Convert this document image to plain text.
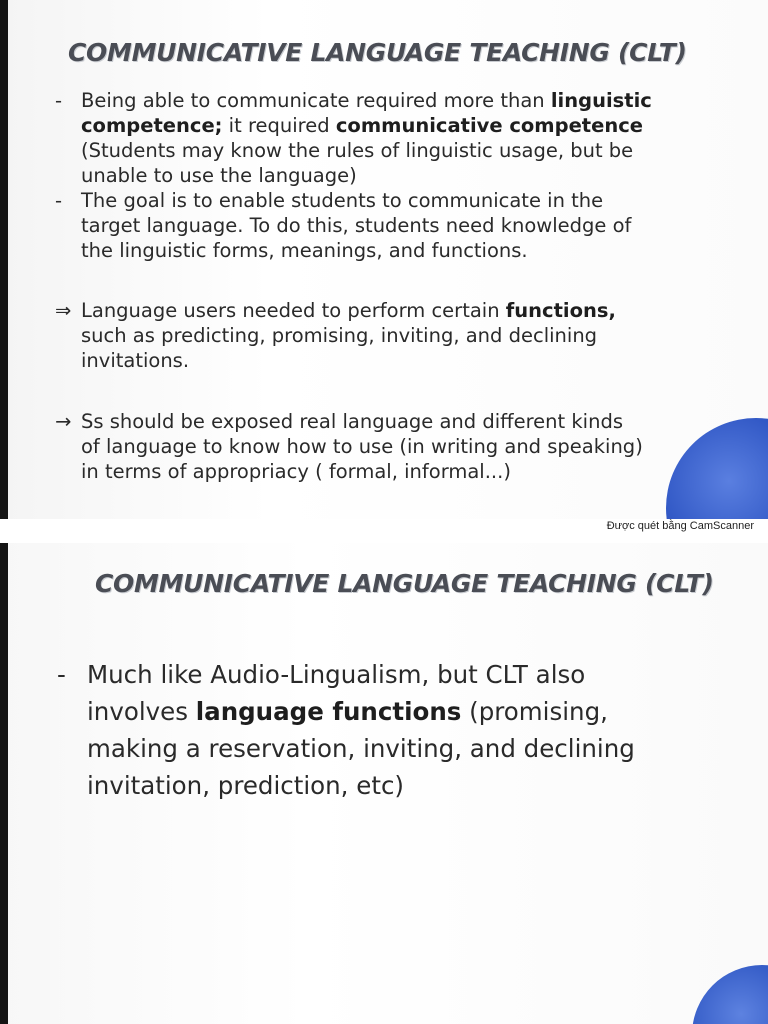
COMMUNICATIVE LANGUAGE TEACHING (CLT)
- Being able to communicate required more than linguistic
competence; it required communicative competence
(Students may know the rules of linguistic usage, but be
unable to use the language)
- The goal is to enable students to communicate in the
target language. To do this, students need knowledge of
the linguistic forms, meanings, and functions.
⇒ Language users needed to perform certain functions,
such as predicting, promising, inviting, and declining
invitations.
→ Ss should be exposed real language and different kinds
of language to know how to use (in writing and speaking)
in terms of appropriacy ( formal, informal...)
Được quét bằng CamScanner
COMMUNICATIVE LANGUAGE TEACHING (CLT)
- Much like Audio-Lingualism, but CLT also
involves language functions (promising,
making a reservation, inviting, and declining
invitation, prediction, etc)
